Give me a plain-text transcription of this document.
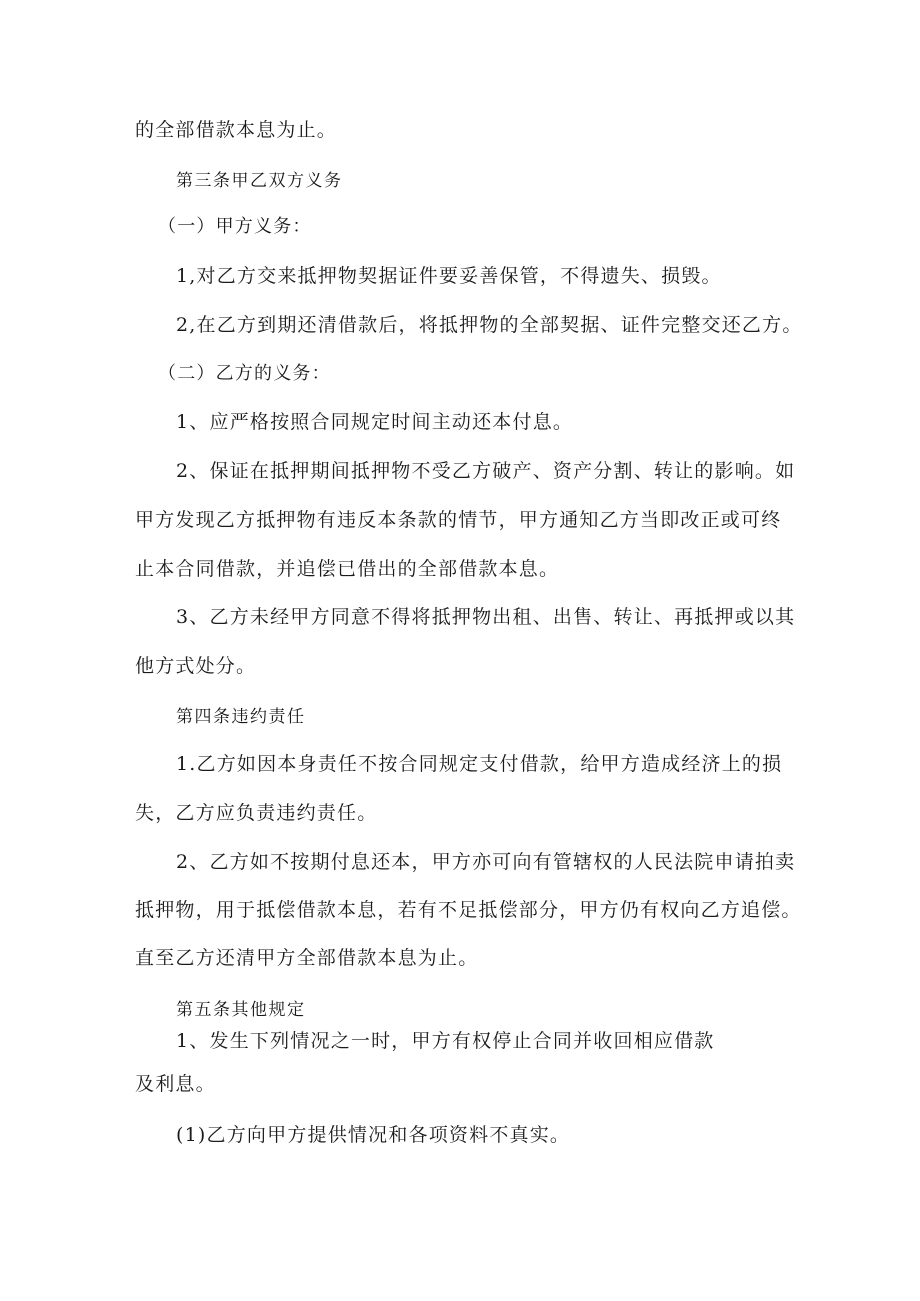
的全部借款本息为止。
第三条甲乙双方义务
（一）甲方义务：
1,对乙方交来抵押物契据证件要妥善保管，不得遗失、损毁。
2,在乙方到期还清借款后，将抵押物的全部契据、证件完整交还乙方。
（二）乙方的义务：
1、应严格按照合同规定时间主动还本付息。
2、保证在抵押期间抵押物不受乙方破产、资产分割、转让的影响。如
甲方发现乙方抵押物有违反本条款的情节，甲方通知乙方当即改正或可终
止本合同借款，并追偿已借出的全部借款本息。
3、乙方未经甲方同意不得将抵押物出租、出售、转让、再抵押或以其
他方式处分。
第四条违约责任
1.乙方如因本身责任不按合同规定支付借款，给甲方造成经济上的损
失，乙方应负责违约责任。
2、乙方如不按期付息还本，甲方亦可向有管辖权的人民法院申请拍卖
抵押物，用于抵偿借款本息，若有不足抵偿部分，甲方仍有权向乙方追偿。
直至乙方还清甲方全部借款本息为止。
第五条其他规定
1、发生下列情况之一时，甲方有权停止合同并收回相应借款
及利息。
(1)乙方向甲方提供情况和各项资料不真实。
